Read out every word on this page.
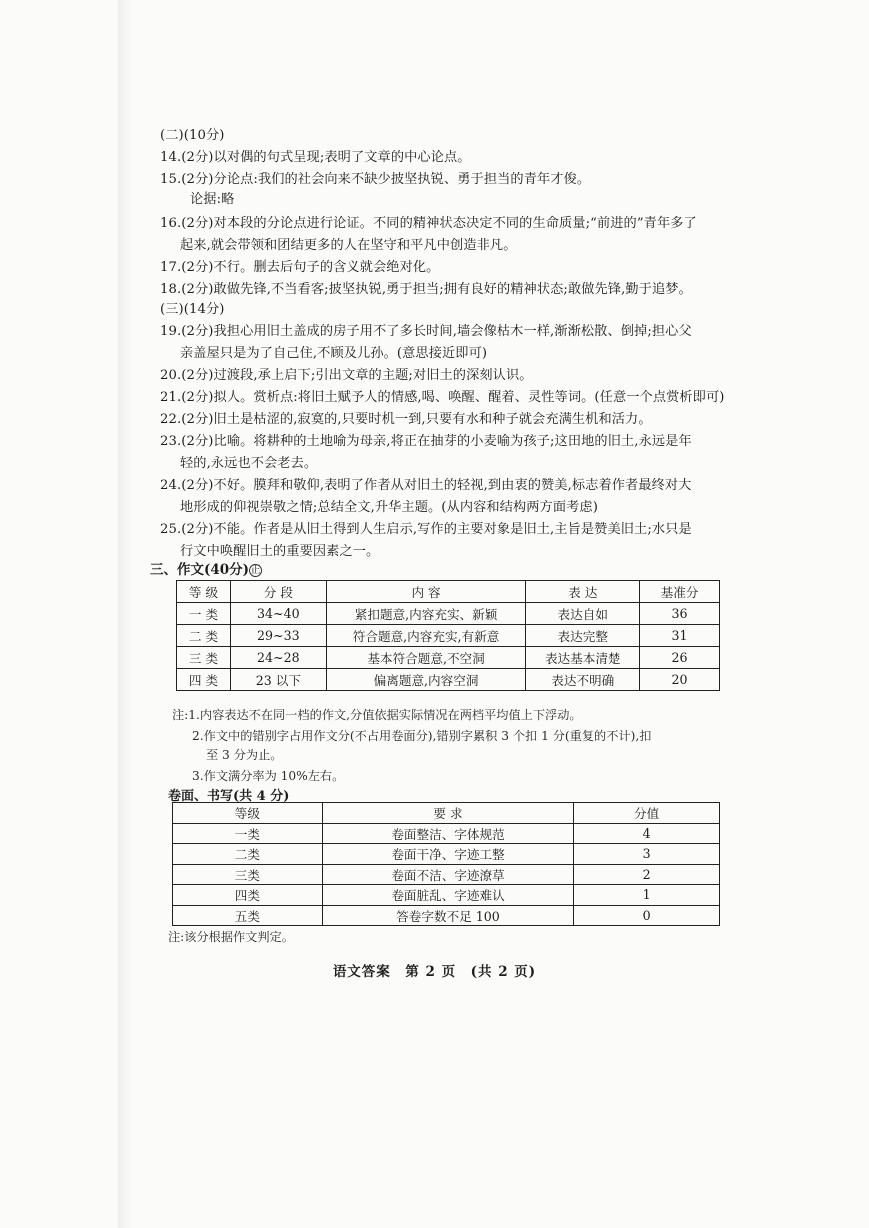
(二)(10分)
14.(2分)以对偶的句式呈现;表明了文章的中心论点。
15.(2分)分论点:我们的社会向来不缺少披坚执锐、勇于担当的青年才俊。
论据:略
16.(2分)对本段的分论点进行论证。不同的精神状态决定不同的生命质量;“前进的”青年多了
起来,就会带领和团结更多的人在坚守和平凡中创造非凡。
17.(2分)不行。删去后句子的含义就会绝对化。
18.(2分)敢做先锋,不当看客;披坚执锐,勇于担当;拥有良好的精神状态;敢做先锋,勤于追梦。
(三)(14分)
19.(2分)我担心用旧土盖成的房子用不了多长时间,墙会像枯木一样,渐渐松散、倒掉;担心父
亲盖屋只是为了自己住,不顾及儿孙。(意思接近即可)
20.(2分)过渡段,承上启下;引出文章的主题;对旧土的深刻认识。
21.(2分)拟人。赏析点:将旧土赋予人的情感,喝、唤醒、醒着、灵性等词。(任意一个点赏析即可)
22.(2分)旧土是枯涩的,寂寞的,只要时机一到,只要有水和种子就会充满生机和活力。
23.(2分)比喻。将耕种的土地喻为母亲,将正在抽芽的小麦喻为孩子;这田地的旧土,永远是年
轻的,永远也不会老去。
24.(2分)不好。膜拜和敬仰,表明了作者从对旧土的轻视,到由衷的赞美,标志着作者最终对大
地形成的仰视崇敬之情;总结全文,升华主题。(从内容和结构两方面考虑)
25.(2分)不能。作者是从旧土得到人生启示,写作的主要对象是旧土,主旨是赞美旧土;水只是
行文中唤醒旧土的重要因素之一。
三、作文(40分) 正
等 级	分 段	内 容	表 达	基准分
一 类	34~40	紧扣题意,内容充实、新颖	表达自如	36
二 类	29~33	符合题意,内容充实,有新意	表达完整	31
三 类	24~28	基本符合题意,不空洞	表达基本清楚	26
四 类	23 以下	偏离题意,内容空洞	表达不明确	20
注:1.内容表达不在同一档的作文,分值依据实际情况在两档平均值上下浮动。
2.作文中的错别字占用作文分(不占用卷面分),错别字累积 3 个扣 1 分(重复的不计),扣
至 3 分为止。
3.作文满分率为 10%左右。
卷面、书写(共 4 分)
等级	要 求	分值
一类	卷面整洁、字体规范	4
二类	卷面干净、字迹工整	3
三类	卷面不洁、字迹潦草	2
四类	卷面脏乱、字迹难认	1
五类	答卷字数不足 100	0
注:该分根据作文判定。
语文答案　第 2 页　(共 2 页)
